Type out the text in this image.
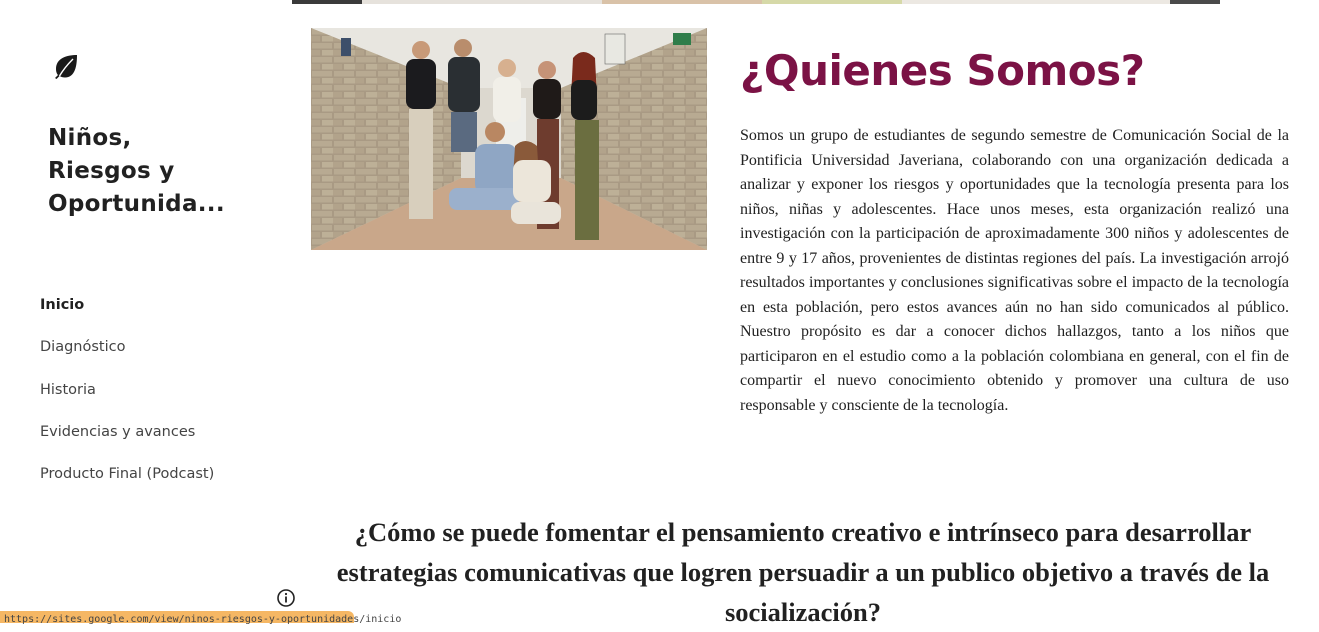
Niños,
Riesgos y
Oportunida...
Inicio
Diagnóstico
Historia
Evidencias y avances
Producto Final (Podcast)
¿Quienes Somos?

Somos un grupo de estudiantes de segundo semestre de Comunicación Social de la Pontificia Universidad Javeriana, colaborando con una organización dedicada a analizar y exponer los riesgos y oportunidades que la tecnología presenta para los niños, niñas y adolescentes. Hace unos meses, esta organización realizó una investigación con la participación de aproximadamente 300 niños y adolescentes de entre 9 y 17 años, provenientes de distintas regiones del país. La investigación arrojó resultados importantes y conclusiones significativas sobre el impacto de la tecnología en esta población, pero estos avances aún no han sido comunicados al público. Nuestro propósito es dar a conocer dichos hallazgos, tanto a los niños que participaron en el estudio como a la población colombiana en general, con el fin de compartir el nuevo conocimiento obtenido y promover una cultura de uso responsable y consciente de la tecnología.

¿Cómo se puede fomentar el pensamiento creativo e intrínseco para desarrollar estrategias comunicativas que logren persuadir a un publico objetivo a través de la socialización?
https://sites.google.com/view/ninos-riesgos-y-oportunidades/inicio
